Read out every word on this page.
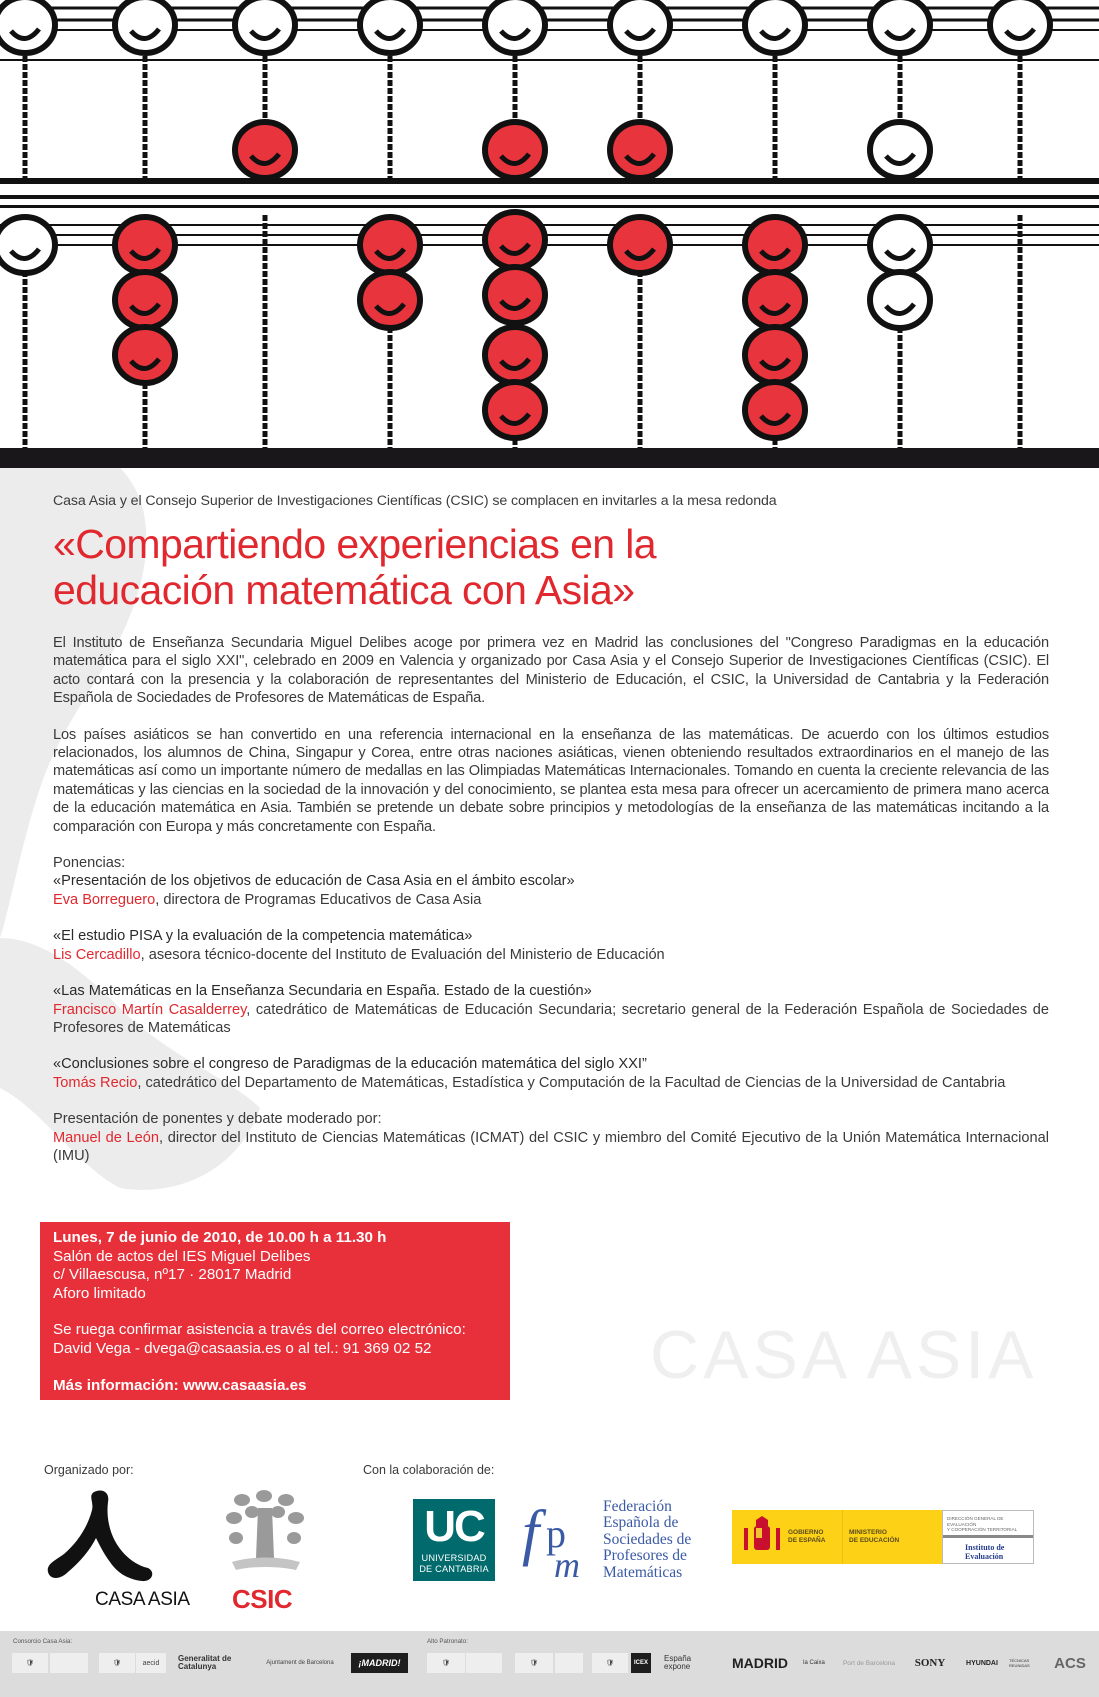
Casa Asia y el Consejo Superior de Investigaciones Científicas (CSIC) se complacen en invitarles a la mesa redonda

«Compartiendo experiencias en la
educación matemática con Asia»

El Instituto de Enseñanza Secundaria Miguel Delibes acoge por primera vez en Madrid las conclusiones del "Congreso Paradigmas en la educación matemática para el siglo XXI", celebrado en 2009 en Valencia y organizado por Casa Asia y el Consejo Superior de Investigaciones Científicas (CSIC). El acto contará con la presencia y la colaboración de representantes del Ministerio de Educación, el CSIC, la Universidad de Cantabria y la Federación Española de Sociedades de Profesores de Matemáticas de España.

Los países asiáticos se han convertido en una referencia internacional en la enseñanza de las matemáticas. De acuerdo con los últimos estudios relacionados, los alumnos de China, Singapur y Corea, entre otras naciones asiáticas, vienen obteniendo resultados extraordinarios en el manejo de las matemáticas así como un importante número de medallas en las Olimpiadas Matemáticas Internacionales. Tomando en cuenta la creciente relevancia de las matemáticas y las ciencias en la sociedad de la innovación y del conocimiento, se plantea esta mesa para ofrecer un acercamiento de primera mano acerca de la educación matemática en Asia. También se pretende un debate sobre principios y metodologías de la enseñanza de las matemáticas incitando a la comparación con Europa y más concretamente con España.

Ponencias:

«Presentación de los objetivos de educación de Casa Asia en el ámbito escolar»
Eva Borreguero, directora de Programas Educativos de Casa Asia
«El estudio PISA y la evaluación de la competencia matemática»
Lis Cercadillo, asesora técnico-docente del Instituto de Evaluación del Ministerio de Educación
«Las Matemáticas en la Enseñanza Secundaria en España. Estado de la cuestión»
Francisco Martín Casalderrey, catedrático de Matemáticas de Educación Secundaria; secretario general de la Federación Española de Sociedades de Profesores de Matemáticas
«Conclusiones sobre el congreso de Paradigmas de la educación matemática del siglo XXI”
Tomás Recio, catedrático del Departamento de Matemáticas, Estadística y Computación de la Facultad de Ciencias de la Universidad de Cantabria
Presentación de ponentes y debate moderado por:
Manuel de León, director del Instituto de Ciencias Matemáticas (ICMAT) del CSIC y miembro del Comité Ejecutivo de la Unión Matemática Internacional (IMU)
Lunes, 7 de junio de 2010, de 10.00 h a 11.30 h
Salón de actos del IES Miguel Delibes
c/ Villaescusa, nº17 · 28017 Madrid
Aforo limitado
Se ruega confirmar asistencia a través del correo electrónico:
David Vega - dvega@casaasia.es o al tel.: 91 369 02 52
Más información: www.casaasia.es	CASA ASIA
Organizado por:
CASA ASIA CSIC
Con la colaboración de:
UC
UNIVERSIDAD
DE CANTABRIA
f p
m
Federación
Española de
Sociedades de
Profesores de
Matemáticas
GOBIERNO
DE ESPAÑA
MINISTERIO
DE EDUCACIÓN
DIRECCIÓN GENERAL DE EVALUACIÓN
Y COOPERACIÓN TERRITORIAL
Instituto de Evaluación
Consorcio Casa Asia:	Alto Patronato:
🛡	🛡	aecid	Generalitat de Catalunya	Ajuntament de Barcelona	¡MADRID!	🛡	🛡	🛡	ICEX	España expone	MADRID	la Caixa	Port de Barcelona	SONY	HYUNDAI	TÉCNICAS REUNIDAS	ACS
